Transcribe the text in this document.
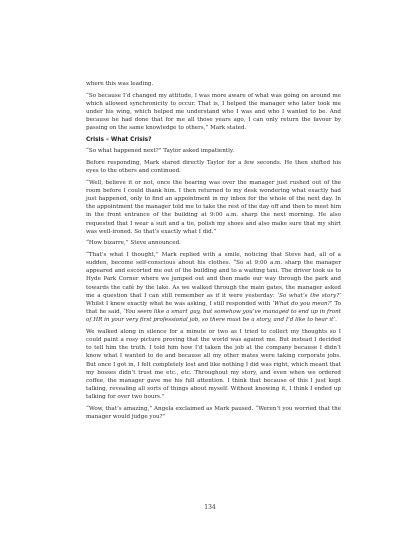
where this was leading.

“So because I’d changed my attitude, I was more aware of what was going on around me which allowed synchronicity to occur. That is, I helped the manager who later took me under his wing, which helped me understand who I was and who I wanted to be. And because he had done that for me all those years ago, I can only return the favour by passing on the same knowledge to others,” Mark stated.

Crisis – What Crisis?

“So what happened next?” Taylor asked impatiently.

Before responding, Mark stared directly Taylor for a few seconds. He then shifted his eyes to the others and continued.

“Well, believe it or not, once the hearing was over the manager just rushed out of the room before I could thank him. I then returned to my desk wondering what exactly had just happened, only to find an appointment in my inbox for the whole of the next day. In the appointment the manager told me to take the rest of the day off and then to meet him in the front entrance of the building at 9:00 a.m. sharp the next morning. He also requested that I wear a suit and a tie, polish my shoes and also make sure that my shirt was well-ironed. So that’s exactly what I did.”

“How bizarre,” Steve announced.

“That’s what I thought,” Mark replied with a smile, noticing that Steve had, all of a sudden, become self-conscious about his clothes. “So at 9:00 a.m. sharp the manager appeared and escorted me out of the building and to a waiting taxi. The driver took us to Hyde Park Corner where we jumped out and then made our way through the park and towards the café by the lake. As we walked through the main gates, the manager asked me a question that I can still remember as if it were yesterday: ‘So what’s the story?’ Whilst I knew exactly what he was asking, I still responded with ‘What do you mean?’ To that he said, ‘You seem like a smart guy, but somehow you’ve managed to end up in front of HR in your very first professional job, so there must be a story, and I’d like to hear it’.

We walked along in silence for a minute or two as I tried to collect my thoughts so I could paint a rosy picture proving that the world was against me. But instead I decided to tell him the truth. I told him how I’d taken the job at the company because I didn’t know what I wanted to do and because all my other mates were taking corporate jobs. But once I got in, I felt completely lost and like nothing I did was right, which meant that my bosses didn’t trust me etc., etc. Throughout my story, and even when we ordered coffee, the manager gave me his full attention. I think that because of this I just kept talking, revealing all sorts of things about myself. Without knowing it, I think I ended up talking for over two hours.”

“Wow, that’s amazing,” Angela exclaimed as Mark paused. “Weren’t you worried that the manager would judge you?”

134
